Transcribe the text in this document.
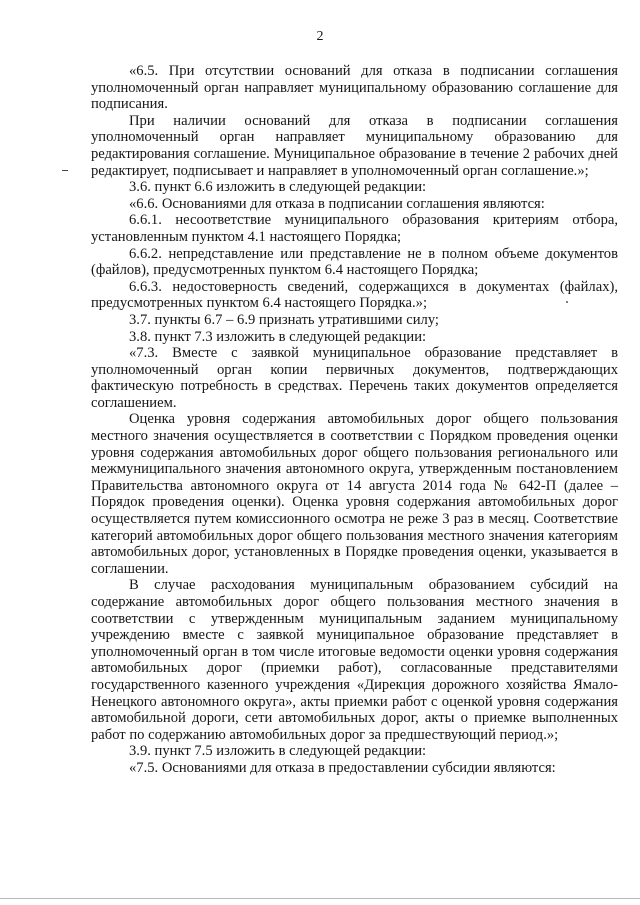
2

«6.5. При отсутствии оснований для отказа в подписании соглашения уполномоченный орган направляет муниципальному образованию соглашение для подписания.

При наличии оснований для отказа в подписании соглашения уполномоченный орган направляет муниципальному образованию для редактирования соглашение. Муниципальное образование в течение 2 рабочих дней редактирует, подписывает и направляет в уполномоченный орган соглашение.»;

3.6. пункт 6.6 изложить в следующей редакции:

«6.6. Основаниями для отказа в подписании соглашения являются:

6.6.1. несоответствие муниципального образования критериям отбора, установленным пунктом 4.1 настоящего Порядка;

6.6.2. непредставление или представление не в полном объеме документов (файлов), предусмотренных пунктом 6.4 настоящего Порядка;

6.6.3. недостоверность сведений, содержащихся в документах (файлах), предусмотренных пунктом 6.4 настоящего Порядка.»;

3.7. пункты 6.7 – 6.9 признать утратившими силу;

3.8. пункт 7.3 изложить в следующей редакции:

«7.3. Вместе с заявкой муниципальное образование представляет в уполномоченный орган копии первичных документов, подтверждающих фактическую потребность в средствах. Перечень таких документов определяется соглашением.

Оценка уровня содержания автомобильных дорог общего пользования местного значения осуществляется в соответствии с Порядком проведения оценки уровня содержания автомобильных дорог общего пользования регионального или межмуниципального значения автономного округа, утвержденным постановлением Правительства автономного округа от 14 августа 2014 года № 642-П (далее – Порядок проведения оценки). Оценка уровня содержания автомобильных дорог осуществляется путем комиссионного осмотра не реже 3 раз в месяц. Соответствие категорий автомобильных дорог общего пользования местного значения категориям автомобильных дорог, установленных в Порядке проведения оценки, указывается в соглашении.

В случае расходования муниципальным образованием субсидий на содержание автомобильных дорог общего пользования местного значения в соответствии с утвержденным муниципальным заданием муниципальному учреждению вместе с заявкой муниципальное образование представляет в уполномоченный орган в том числе итоговые ведомости оценки уровня содержания автомобильных дорог (приемки работ), согласованные представителями государственного казенного учреждения «Дирекция дорожного хозяйства Ямало-Ненецкого автономного округа», акты приемки работ с оценкой уровня содержания автомобильной дороги, сети автомобильных дорог, акты о приемке выполненных работ по содержанию автомобильных дорог за предшествующий период.»;

3.9. пункт 7.5 изложить в следующей редакции:

«7.5. Основаниями для отказа в предоставлении субсидии являются:
